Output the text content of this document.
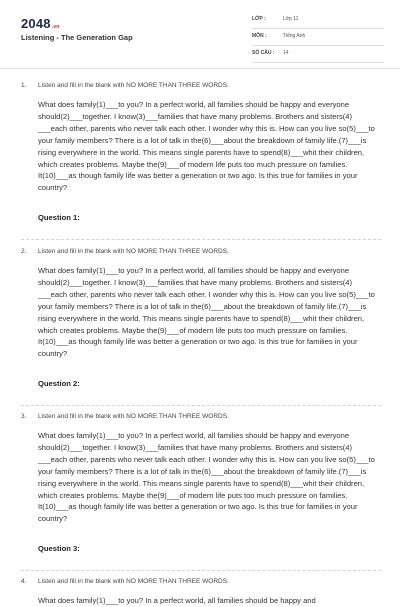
2048.vn
Listening - The Generation Gap
LỚP :	Lớp 11
MÔN :	Tiếng Anh
SỐ CÂU : 14
1. Listen and fill in the blank with NO MORE THAN THREE WORDS.

What does family(1)___to you? In a perfect world, all families should be happy and everyone should(2)___together. I know(3)___families that have many problems. Brothers and sisters(4) ___each other, parents who never talk each other. I wonder why this is. How can you live so(5)___to your family members? There is a lot of talk in the(6)___about the breakdown of family life.(7)___is rising everywhere in the world. This means single parents have to spend(8)___whit their children, which creates problems. Maybe the(9)___of modern life puts too much pressure on families. It(10)___as though family life was better a generation or two ago. Is this true for families in your country?

Question 1:
2. Listen and fill in the blank with NO MORE THAN THREE WORDS.

What does family(1)___to you? In a perfect world, all families should be happy and everyone should(2)___together. I know(3)___families that have many problems. Brothers and sisters(4) ___each other, parents who never talk each other. I wonder why this is. How can you live so(5)___to your family members? There is a lot of talk in the(6)___about the breakdown of family life.(7)___is rising everywhere in the world. This means single parents have to spend(8)___whit their children, which creates problems. Maybe the(9)___of modern life puts too much pressure on families. It(10)___as though family life was better a generation or two ago. Is this true for families in your country?

Question 2:
3. Listen and fill in the blank with NO MORE THAN THREE WORDS.

What does family(1)___to you? In a perfect world, all families should be happy and everyone should(2)___together. I know(3)___families that have many problems. Brothers and sisters(4) ___each other, parents who never talk each other. I wonder why this is. How can you live so(5)___to your family members? There is a lot of talk in the(6)___about the breakdown of family life.(7)___is rising everywhere in the world. This means single parents have to spend(8)___whit their children, which creates problems. Maybe the(9)___of modern life puts too much pressure on families. It(10)___as though family life was better a generation or two ago. Is this true for families in your country?

Question 3:
4. Listen and fill in the blank with NO MORE THAN THREE WORDS.

What does family(1)___to you? In a perfect world, all families should be happy and
